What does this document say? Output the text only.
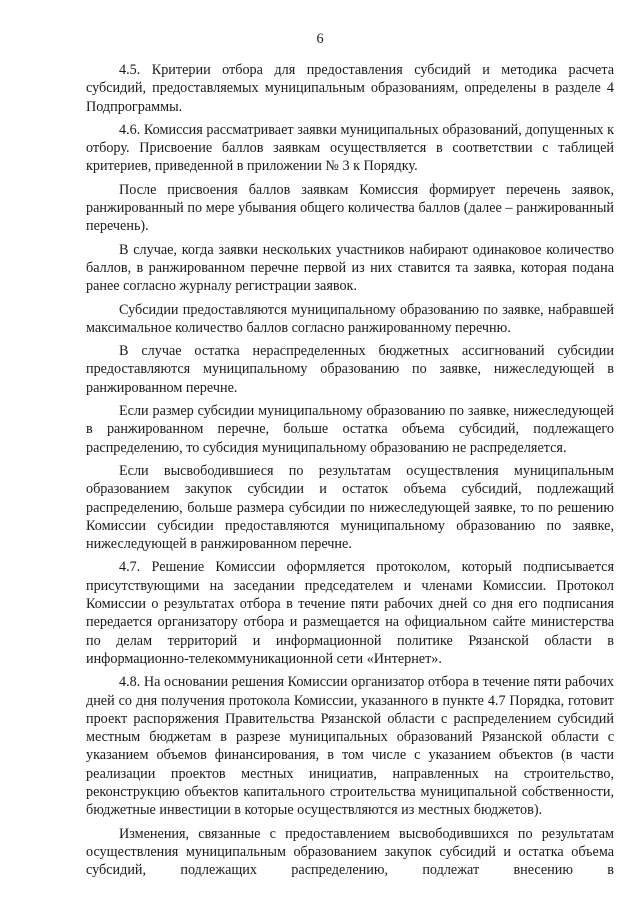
6

4.5. Критерии отбора для предоставления субсидий и методика расчета субсидий, предоставляемых муниципальным образованиям, определены в разделе 4 Подпрограммы.

4.6. Комиссия рассматривает заявки муниципальных образований, допущенных к отбору. Присвоение баллов заявкам осуществляется в соответствии с таблицей критериев, приведенной в приложении № 3 к Порядку.

После присвоения баллов заявкам Комиссия формирует перечень заявок, ранжированный по мере убывания общего количества баллов (далее – ранжированный перечень).

В случае, когда заявки нескольких участников набирают одинаковое количество баллов, в ранжированном перечне первой из них ставится та заявка, которая подана ранее согласно журналу регистрации заявок.

Субсидии предоставляются муниципальному образованию по заявке, набравшей максимальное количество баллов согласно ранжированному перечню.

В случае остатка нераспределенных бюджетных ассигнований субсидии предоставляются муниципальному образованию по заявке, нижеследующей в ранжированном перечне.

Если размер субсидии муниципальному образованию по заявке, нижеследующей в ранжированном перечне, больше остатка объема субсидий, подлежащего распределению, то субсидия муниципальному образованию не распределяется.

Если высвободившиеся по результатам осуществления муниципальным образованием закупок субсидии и остаток объема субсидий, подлежащий распределению, больше размера субсидии по нижеследующей заявке, то по решению Комиссии субсидии предоставляются муниципальному образованию по заявке, нижеследующей в ранжированном перечне.

4.7. Решение Комиссии оформляется протоколом, который подписывается присутствующими на заседании председателем и членами Комиссии. Протокол Комиссии о результатах отбора в течение пяти рабочих дней со дня его подписания передается организатору отбора и размещается на официальном сайте министерства по делам территорий и информационной политике Рязанской области в информационно-телекоммуникационной сети «Интернет».

4.8. На основании решения Комиссии организатор отбора в течение пяти рабочих дней со дня получения протокола Комиссии, указанного в пункте 4.7 Порядка, готовит проект распоряжения Правительства Рязанской области с распределением субсидий местным бюджетам в разрезе муниципальных образований Рязанской области с указанием объемов финансирования, в том числе с указанием объектов (в части реализации проектов местных инициатив, направленных на строительство, реконструкцию объектов капитального строительства муниципальной собственности, бюджетные инвестиции в которые осуществляются из местных бюджетов).

Изменения, связанные с предоставлением высвободившихся по результатам осуществления муниципальным образованием закупок субсидий и остатка объема субсидий, подлежащих распределению, подлежат внесению в
